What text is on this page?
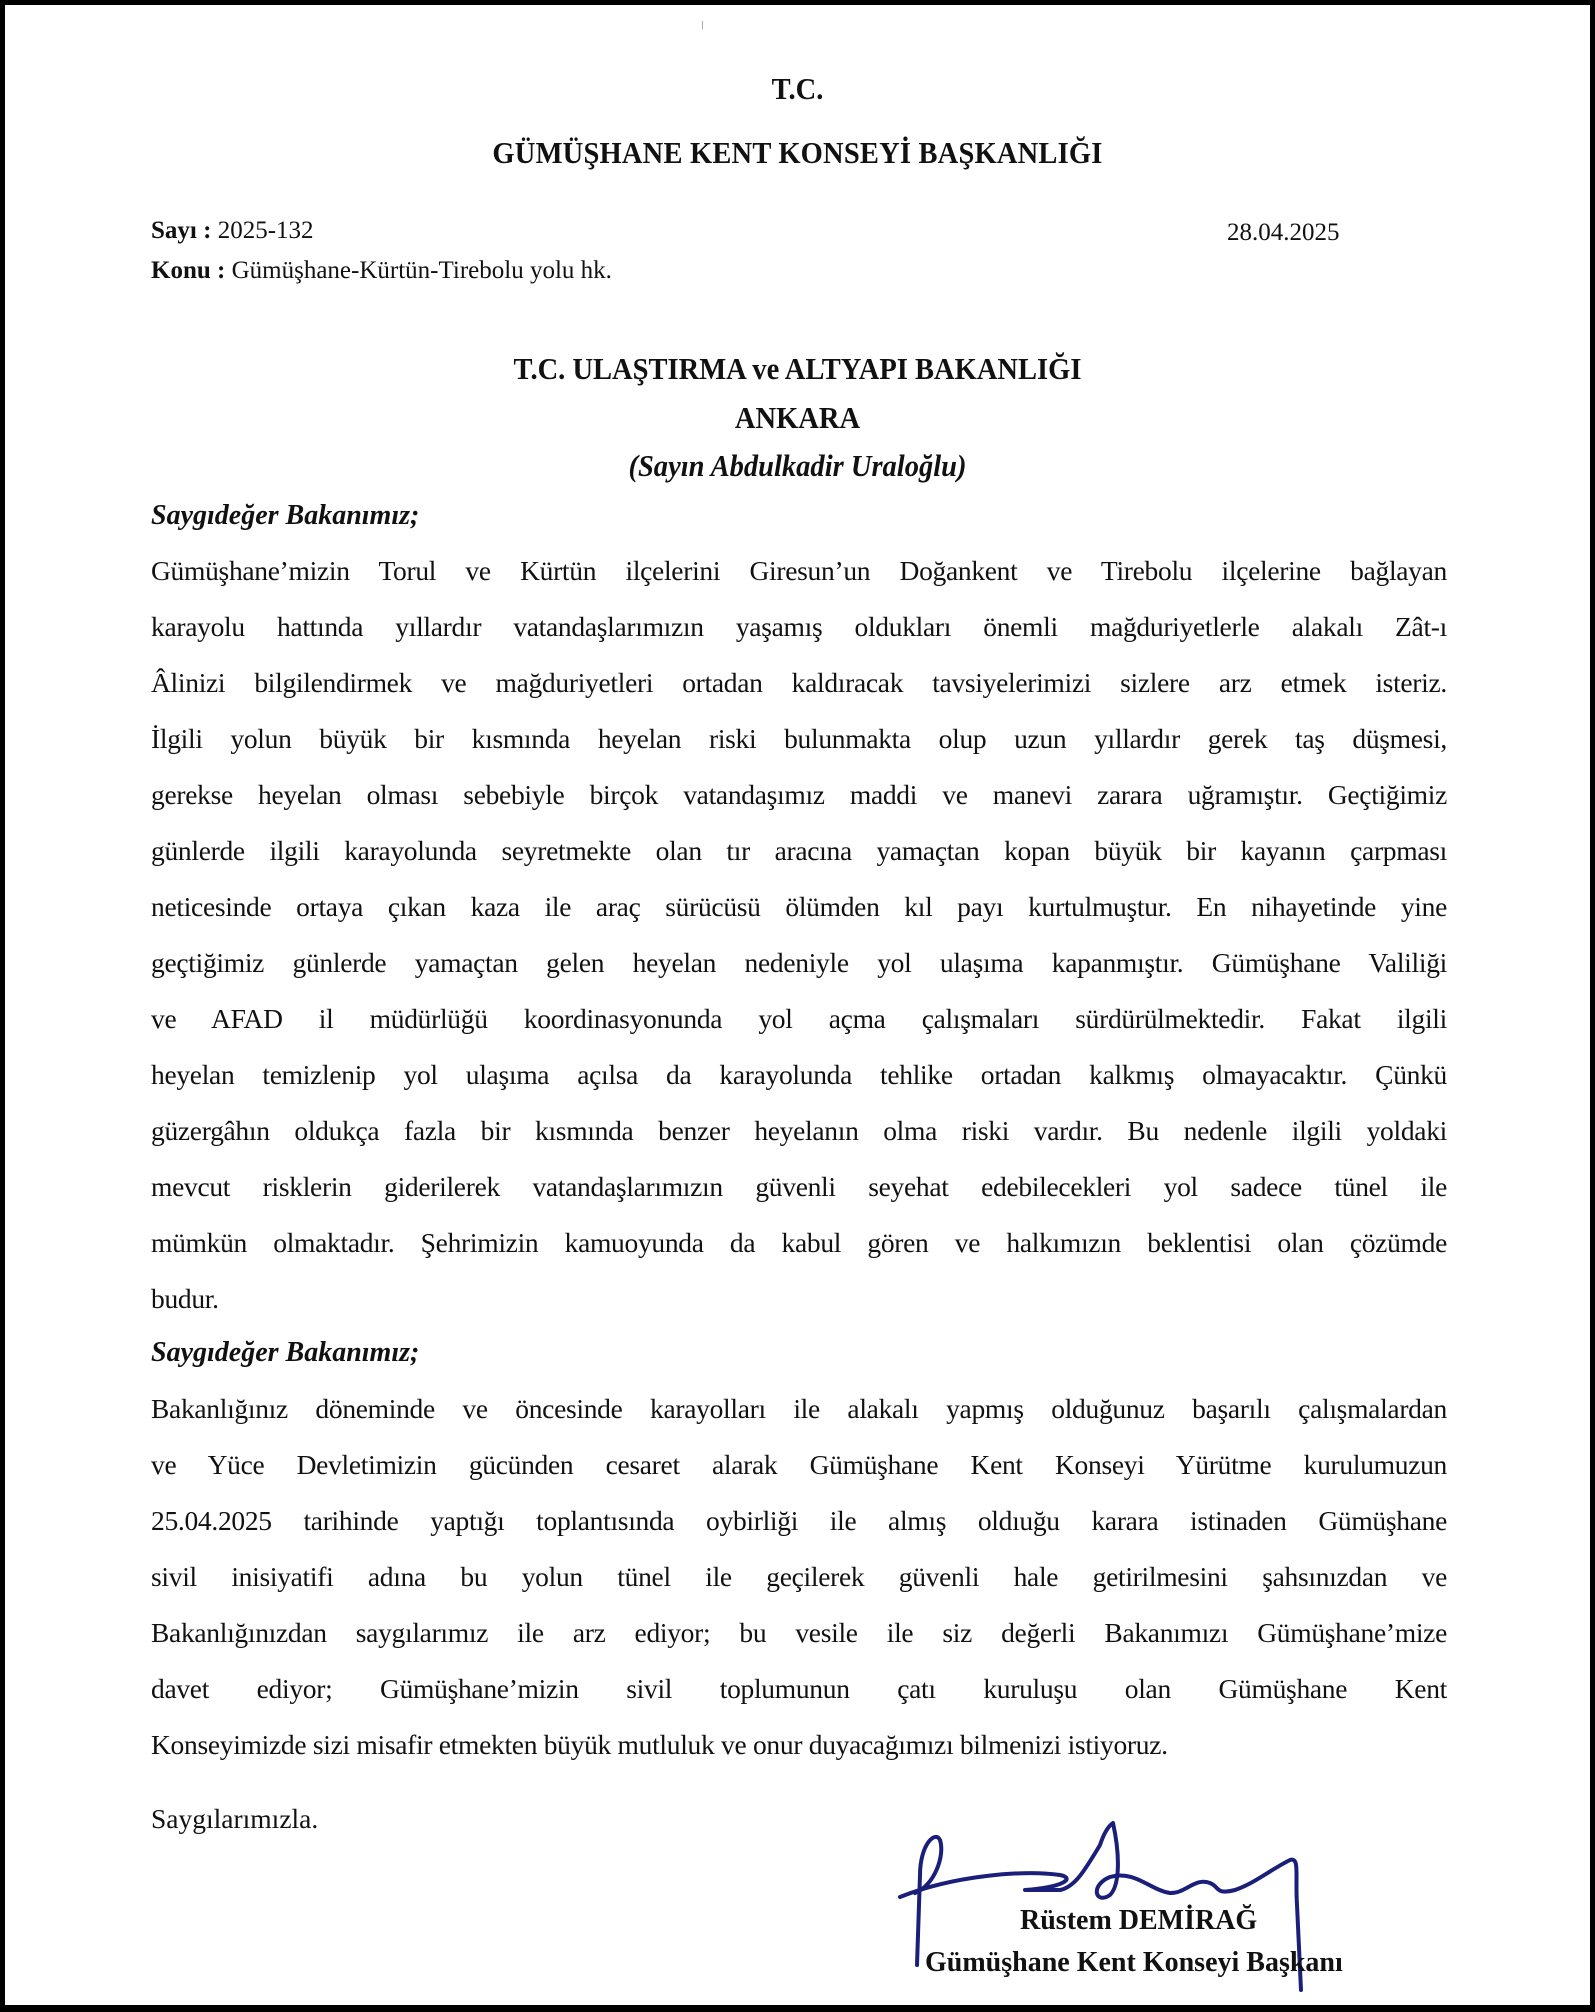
T.C.
GÜMÜŞHANE KENT KONSEYİ BAŞKANLIĞI
Sayı : 2025-132
Konu : Gümüşhane-Kürtün-Tirebolu yolu hk.
28.04.2025
T.C. ULAŞTIRMA ve ALTYAPI BAKANLIĞI
ANKARA
(Sayın Abdulkadir Uraloğlu)
Saygıdeğer Bakanımız;
Gümüşhane’mizin Torul ve Kürtün ilçelerini Giresun’un Doğankent ve Tirebolu ilçelerine bağlayan
karayolu hattında yıllardır vatandaşlarımızın yaşamış oldukları önemli mağduriyetlerle alakalı Zât-ı
Âlinizi bilgilendirmek ve mağduriyetleri ortadan kaldıracak tavsiyelerimizi sizlere arz etmek isteriz.
İlgili yolun büyük bir kısmında heyelan riski bulunmakta olup uzun yıllardır gerek taş düşmesi,
gerekse heyelan olması sebebiyle birçok vatandaşımız maddi ve manevi zarara uğramıştır. Geçtiğimiz
günlerde ilgili karayolunda seyretmekte olan tır aracına yamaçtan kopan büyük bir kayanın çarpması
neticesinde ortaya çıkan kaza ile araç sürücüsü ölümden kıl payı kurtulmuştur. En nihayetinde yine
geçtiğimiz günlerde yamaçtan gelen heyelan nedeniyle yol ulaşıma kapanmıştır. Gümüşhane Valiliği
ve AFAD il müdürlüğü koordinasyonunda yol açma çalışmaları sürdürülmektedir. Fakat ilgili
heyelan temizlenip yol ulaşıma açılsa da karayolunda tehlike ortadan kalkmış olmayacaktır. Çünkü
güzergâhın oldukça fazla bir kısmında benzer heyelanın olma riski vardır. Bu nedenle ilgili yoldaki
mevcut risklerin giderilerek vatandaşlarımızın güvenli seyehat edebilecekleri yol sadece tünel ile
mümkün olmaktadır. Şehrimizin kamuoyunda da kabul gören ve halkımızın beklentisi olan çözümde
budur.
Saygıdeğer Bakanımız;
Bakanlığınız döneminde ve öncesinde karayolları ile alakalı yapmış olduğunuz başarılı çalışmalardan
ve Yüce Devletimizin gücünden cesaret alarak Gümüşhane Kent Konseyi Yürütme kurulumuzun
25.04.2025 tarihinde yaptığı toplantısında oybirliği ile almış oldıuğu karara istinaden Gümüşhane
sivil inisiyatifi adına bu yolun tünel ile geçilerek güvenli hale getirilmesini şahsınızdan ve
Bakanlığınızdan saygılarımız ile arz ediyor; bu vesile ile siz değerli Bakanımızı Gümüşhane’mize
davet ediyor; Gümüşhane’mizin sivil toplumunun çatı kuruluşu olan Gümüşhane Kent
Konseyimizde sizi misafir etmekten büyük mutluluk ve onur duyacağımızı bilmenizi istiyoruz.
Saygılarımızla.
Rüstem DEMİRAĞ
Gümüşhane Kent Konseyi Başkanı
